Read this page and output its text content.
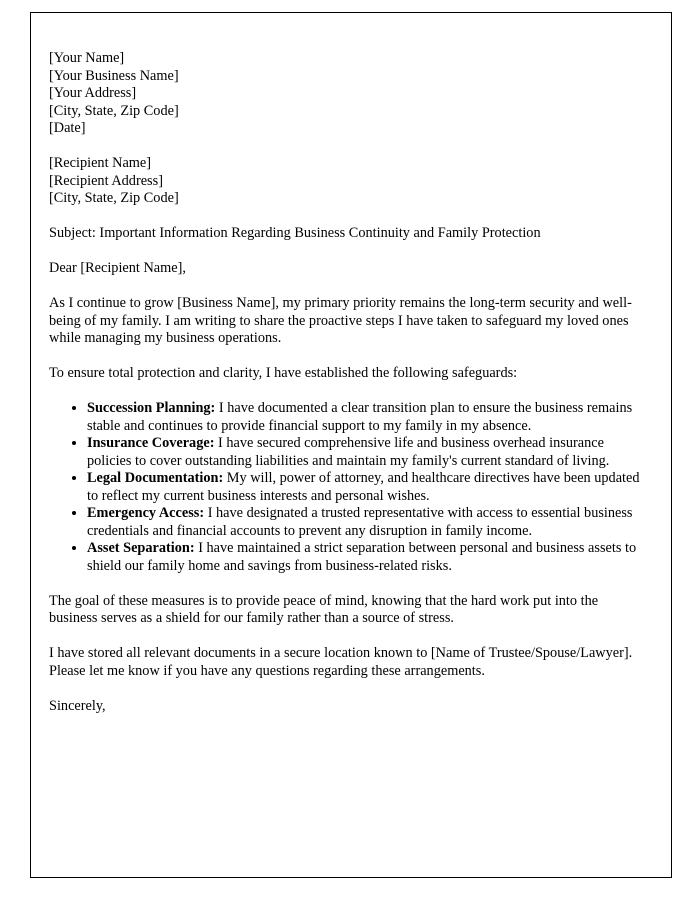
[Your Name]
[Your Business Name]
[Your Address]
[City, State, Zip Code]
[Date]
[Recipient Name]
[Recipient Address]
[City, State, Zip Code]

Subject: Important Information Regarding Business Continuity and Family Protection

Dear [Recipient Name],

As I continue to grow [Business Name], my primary priority remains the long-term security and well-being of my family. I am writing to share the proactive steps I have taken to safeguard my loved ones while managing my business operations.

To ensure total protection and clarity, I have established the following safeguards:

• Succession Planning: I have documented a clear transition plan to ensure the business remains stable and continues to provide financial support to my family in my absence.
• Insurance Coverage: I have secured comprehensive life and business overhead insurance policies to cover outstanding liabilities and maintain my family's current standard of living.
• Legal Documentation: My will, power of attorney, and healthcare directives have been updated to reflect my current business interests and personal wishes.
• Emergency Access: I have designated a trusted representative with access to essential business credentials and financial accounts to prevent any disruption in family income.
• Asset Separation: I have maintained a strict separation between personal and business assets to shield our family home and savings from business-related risks.

The goal of these measures is to provide peace of mind, knowing that the hard work put into the business serves as a shield for our family rather than a source of stress.

I have stored all relevant documents in a secure location known to [Name of Trustee/Spouse/Lawyer]. Please let me know if you have any questions regarding these arrangements.

Sincerely,
